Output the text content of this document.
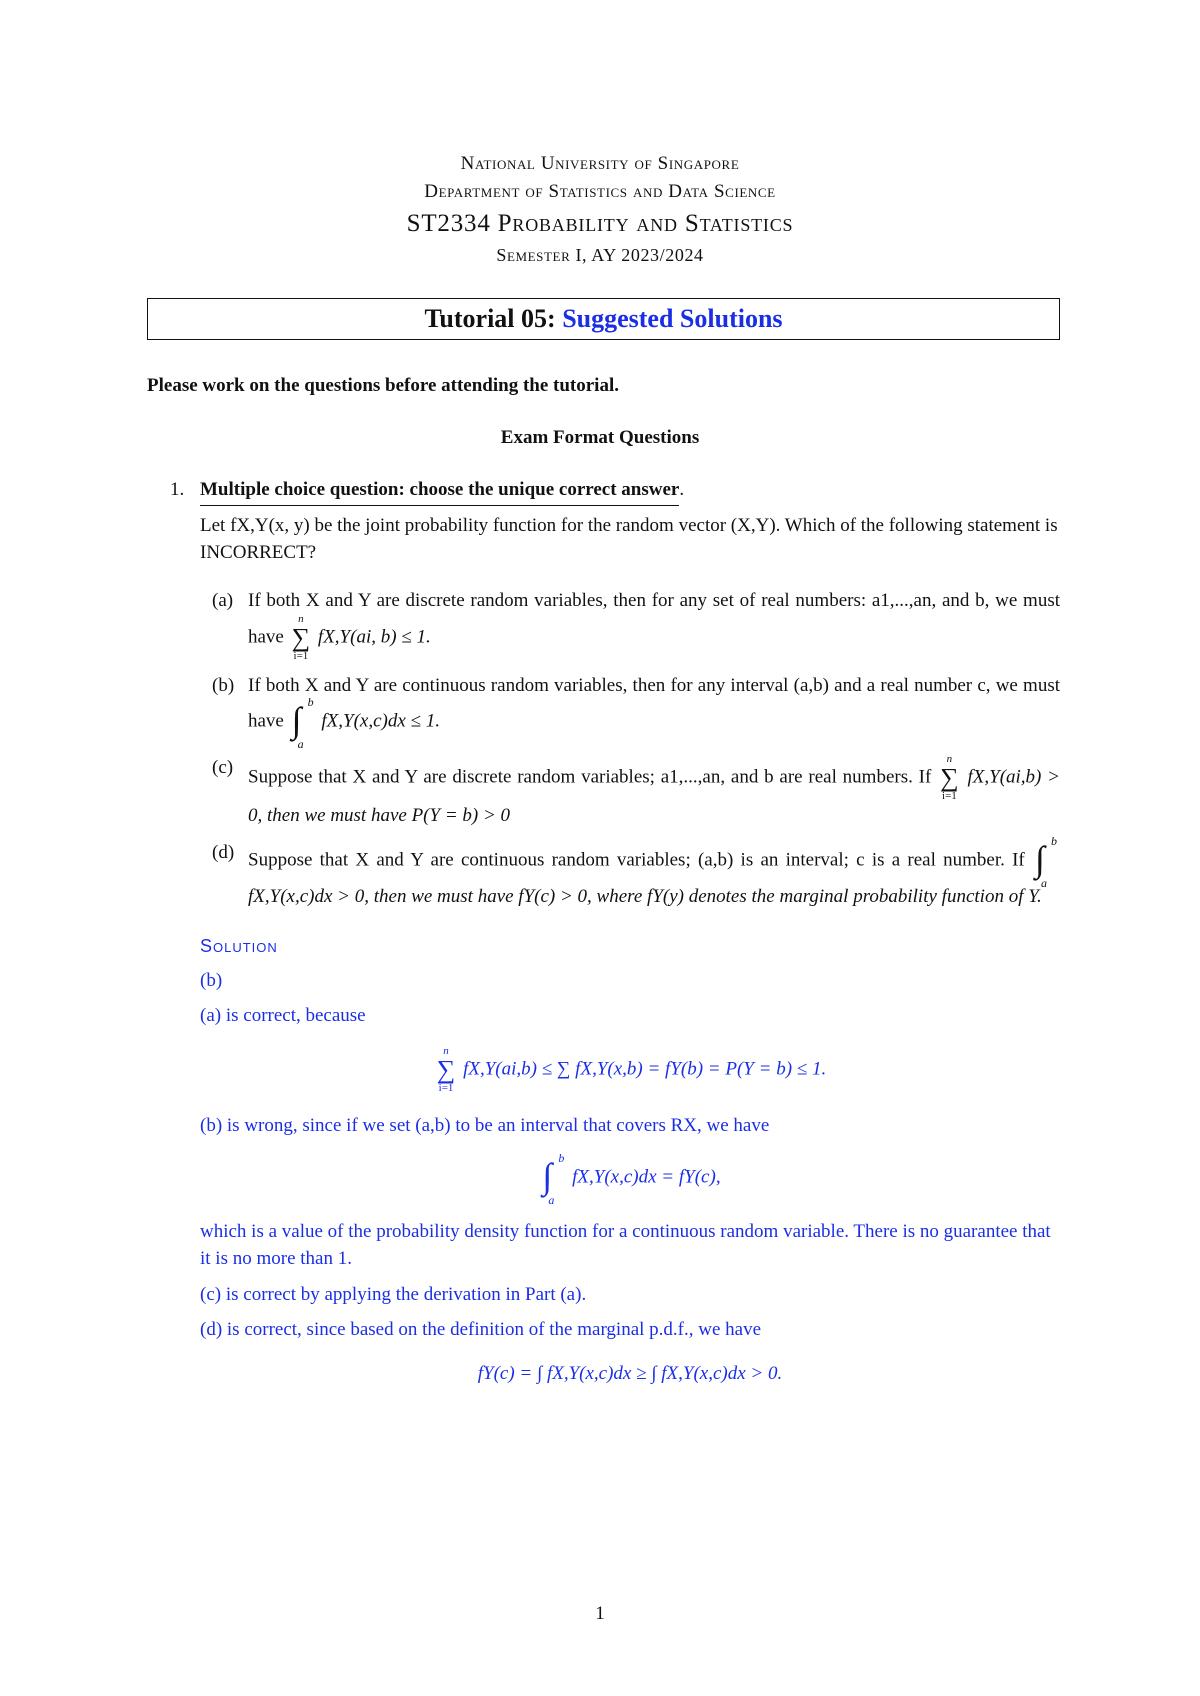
National University of Singapore
Department of Statistics and Data Science
ST2334 Probability and Statistics
Semester I, AY 2023/2024
Tutorial 05: Suggested Solutions
Please work on the questions before attending the tutorial.
Exam Format Questions
1. Multiple choice question: choose the unique correct answer.

Let fX,Y(x, y) be the joint probability function for the random vector (X,Y). Which of the following statement is INCORRECT?

(a) If both X and Y are discrete random variables, then for any set of real numbers: a1,...,an, and b, we must have
n
∑
i=1
fX,Y(ai, b) ≤ 1.
(b) If both X and Y are continuous random variables, then for any interval (a,b) and a real number c, we must have ∫ b
a
fX,Y(x,c)dx ≤ 1.
(c) Suppose that X and Y are discrete random variables; a1,...,an, and b are real numbers. If
n
∑
i=1
fX,Y(ai,b) > 0, then we must have P(Y = b) > 0
(d) Suppose that X and Y are continuous random variables; (a,b) is an interval; c is a real number. If ∫ b
a
fX,Y(x,c)dx > 0, then we must have fY(c) > 0, where fY(y) denotes the marginal probability function of Y.
Solution
(b)
(a) is correct, because
n
∑
i=1
fX,Y(ai,b) ≤ ∑ fX,Y(x,b) = fY(b) = P(Y = b) ≤ 1.
(b) is wrong, since if we set (a,b) to be an interval that covers RX, we have
∫ b
a
fX,Y(x,c)dx = fY(c),
which is a value of the probability density function for a continuous random variable. There is no guarantee that it is no more than 1.
(c) is correct by applying the derivation in Part (a).
(d) is correct, since based on the definition of the marginal p.d.f., we have
fY(c) = ∫ fX,Y(x,c)dx ≥ ∫ fX,Y(x,c)dx > 0.
1
